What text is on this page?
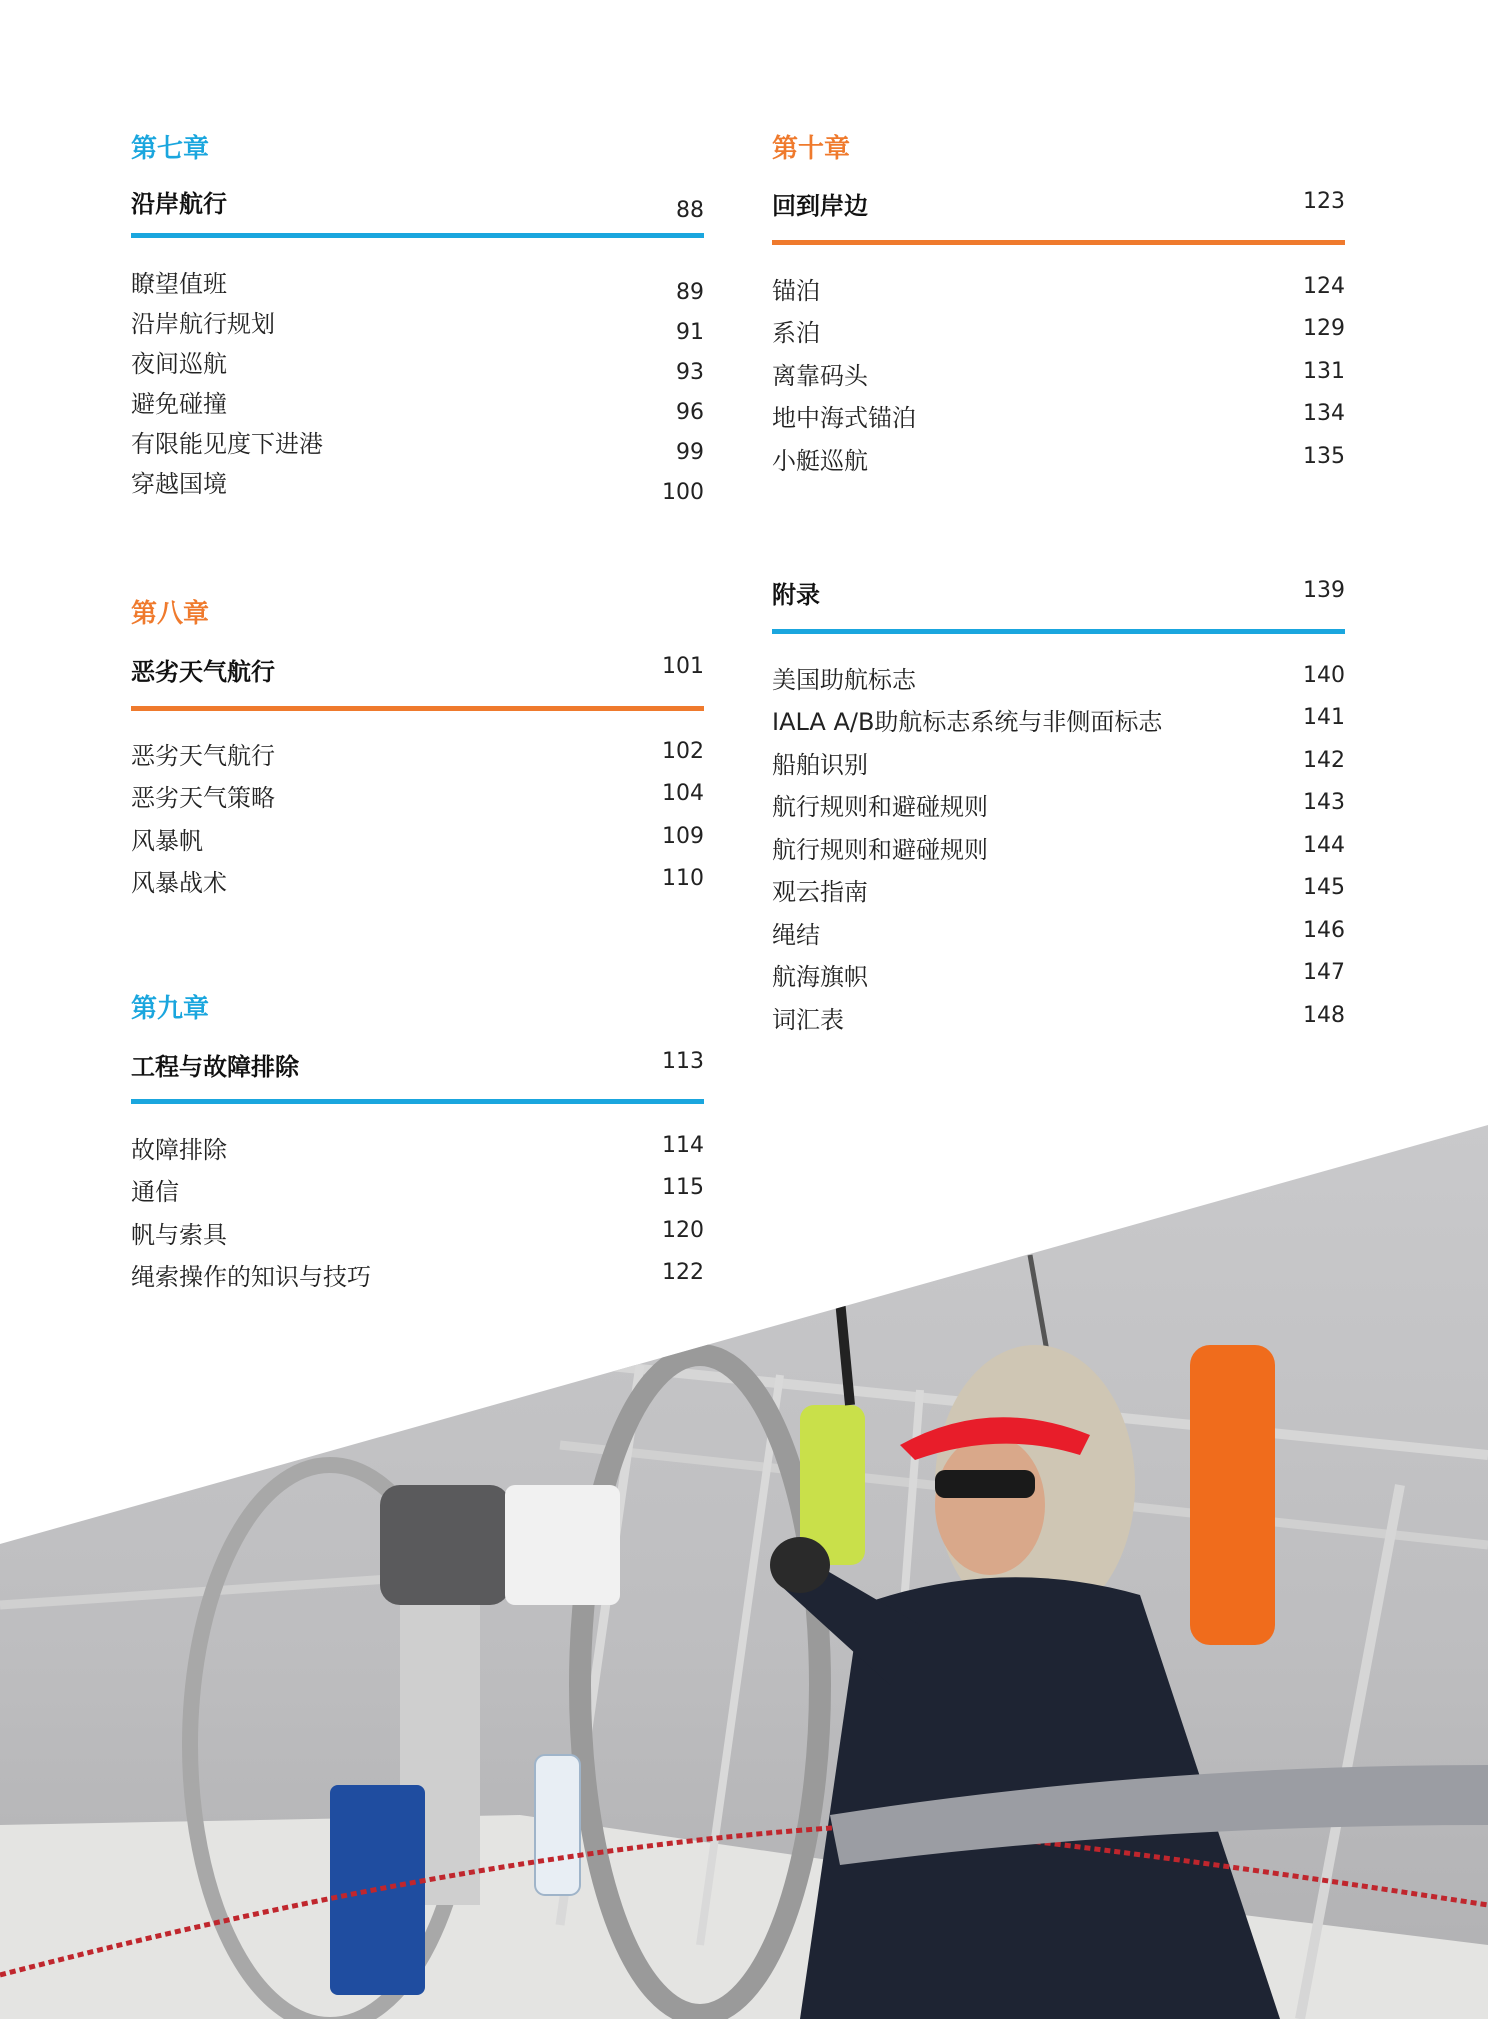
第七章
沿岸航行	88
瞭望值班	89
沿岸航行规划	91
夜间巡航	93
避免碰撞	96
有限能见度下进港	99
穿越国境	100
第八章
恶劣天气航行	101
恶劣天气航行	102
恶劣天气策略	104
风暴帆	109
风暴战术	110
第九章
工程与故障排除	113
故障排除	114
通信	115
帆与索具	120
绳索操作的知识与技巧	122
第十章
回到岸边	123
锚泊	124
系泊	129
离靠码头	131
地中海式锚泊	134
小艇巡航	135
附录	139
美国助航标志	140
IALA A/B助航标志系统与非侧面标志	141
船舶识别	142
航行规则和避碰规则	143
航行规则和避碰规则	144
观云指南	145
绳结	146
航海旗帜	147
词汇表	148
